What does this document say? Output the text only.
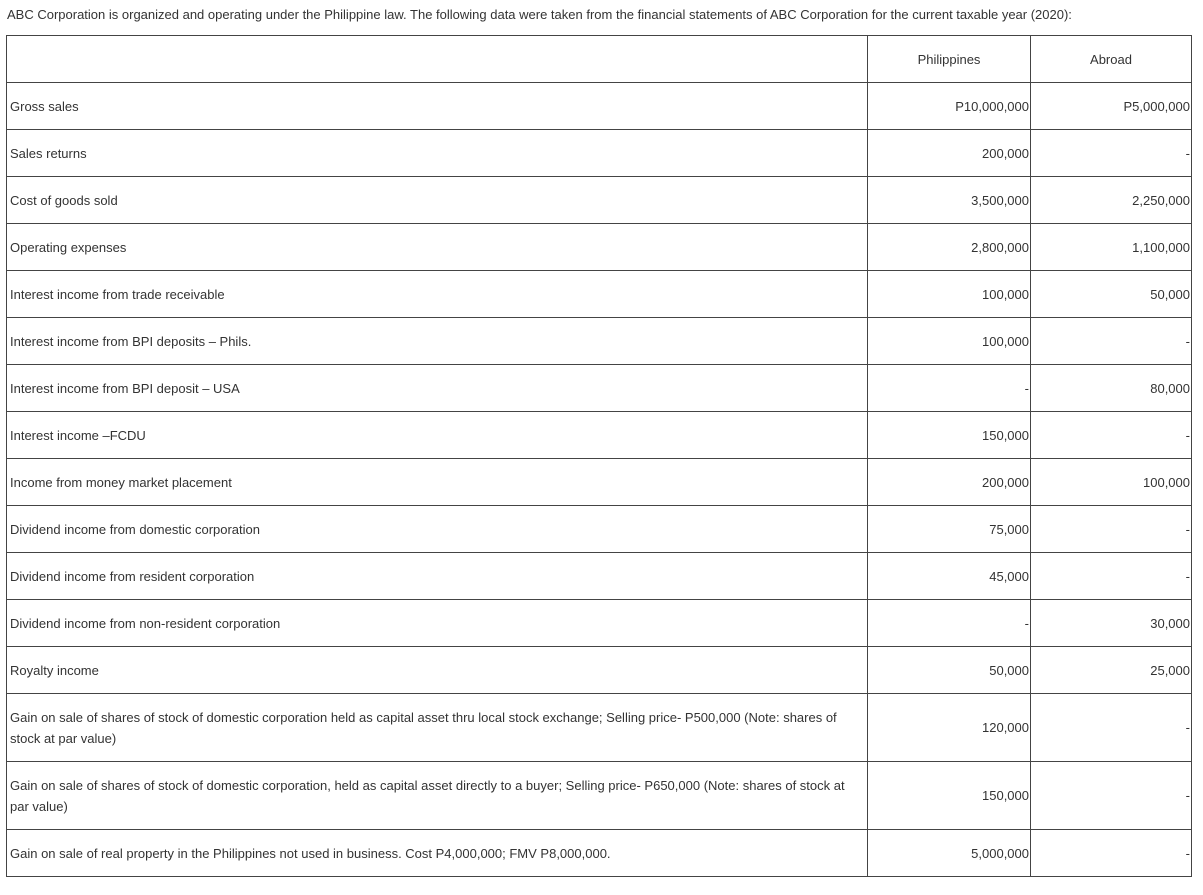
ABC Corporation is organized and operating under the Philippine law. The following data were taken from the financial statements of ABC Corporation for the current taxable year (2020):
	Philippines	Abroad
Gross sales	P10,000,000	P5,000,000
Sales returns	200,000	-
Cost of goods sold	3,500,000	2,250,000
Operating expenses	2,800,000	1,100,000
Interest income from trade receivable	100,000	50,000
Interest income from BPI deposits – Phils.	100,000	-
Interest income from BPI deposit – USA	-	80,000
Interest income –FCDU	150,000	-
Income from money market placement	200,000	100,000
Dividend income from domestic corporation	75,000	-
Dividend income from resident corporation	45,000	-
Dividend income from non-resident corporation	-	30,000
Royalty income	50,000	25,000
Gain on sale of shares of stock of domestic corporation held as capital asset thru local stock exchange; Selling price- P500,000 (Note: shares of stock at par value)	120,000	-
Gain on sale of shares of stock of domestic corporation, held as capital asset directly to a buyer; Selling price- P650,000 (Note: shares of stock at par value)	150,000	-
Gain on sale of real property in the Philippines not used in business. Cost P4,000,000; FMV P8,000,000.	5,000,000	-
